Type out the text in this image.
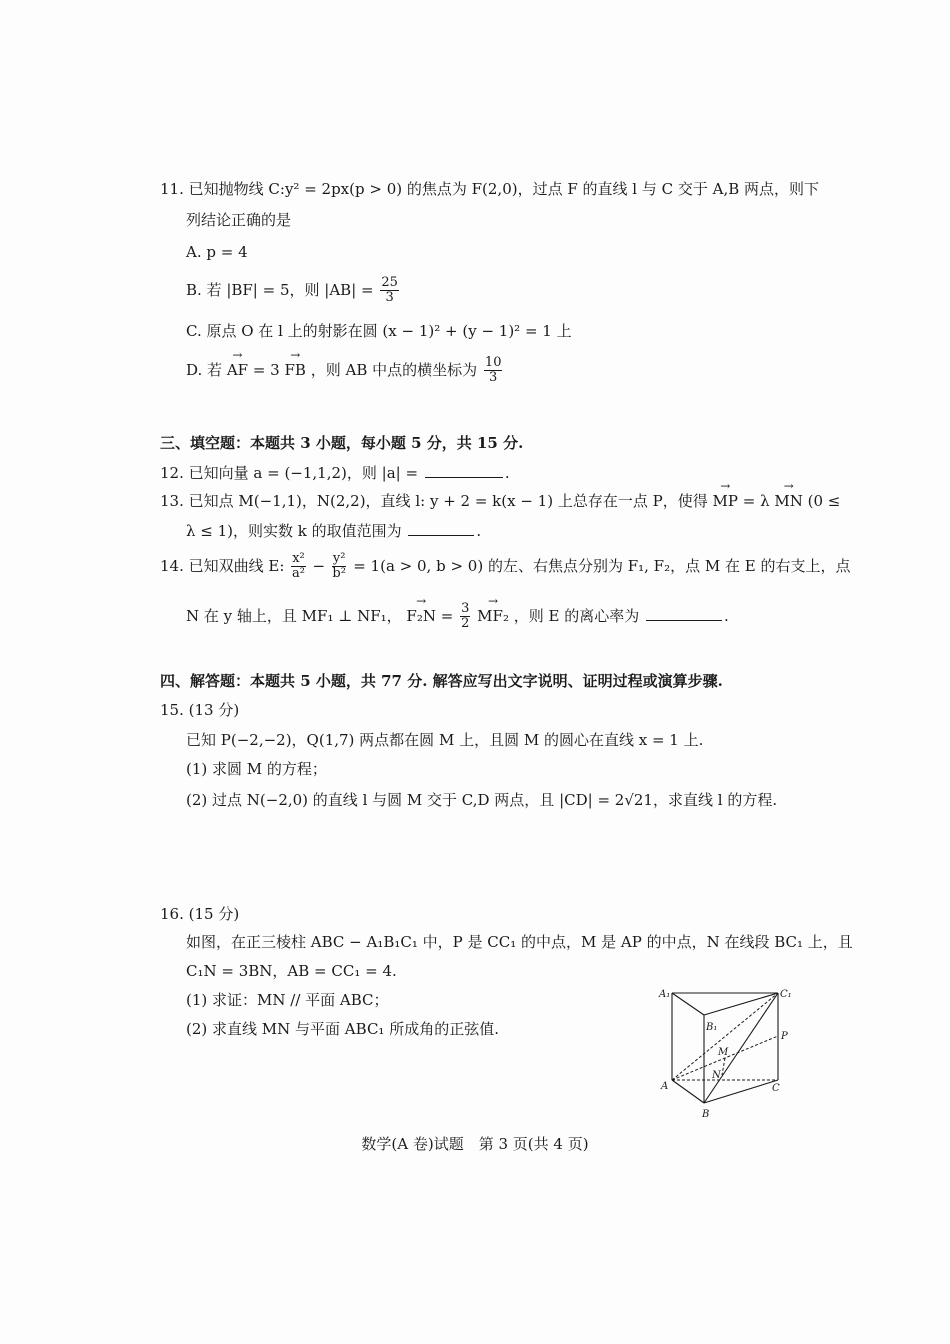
11. 已知抛物线 C:y² = 2px(p > 0) 的焦点为 F(2,0)，过点 F 的直线 l 与 C 交于 A,B 两点，则下
列结论正确的是
A. p = 4
B. 若 |BF| = 5，则 $|AB| = \frac{25}{3}$
C. 原点 O 在 l 上的射影在圆 (x − 1)² + (y − 1)² = 1 上
D. 若 → AF = 3 → FB ，则 AB 中点的横坐标为 $\frac{10}{3}$
三、填空题：本题共 3 小题，每小题 5 分，共 15 分.
12. 已知向量 a = (−1,1,2)，则 |a| =	.
13. 已知点 M(−1,1)，N(2,2)，直线 l: y + 2 = k(x − 1) 上总存在一点 P，使得 → MP = λ → MN (0 ≤
λ ≤ 1)，则实数 k 的取值范围为	.
14. 已知双曲线 E: $\frac{\text{x²}}{\text{a²}} - \frac{\text{y²}}{\text{b²}} = 1(a > 0$, b > 0) 的左、右焦点分别为 F₁, F₂，点 M 在 E 的右支上，点
N 在 y 轴上，且 MF₁ ⊥ NF₁， → $F_2N = \frac{3}{2}$
→ MF₂ ，则 E 的离心率为	.
四、解答题：本题共 5 小题，共 77 分. 解答应写出文字说明、证明过程或演算步骤.
15. (13 分)
已知 P(−2,−2)，Q(1,7) 两点都在圆 M 上，且圆 M 的圆心在直线 x = 1 上.
(1) 求圆 M 的方程；
(2) 过点 N(−2,0) 的直线 l 与圆 M 交于 C,D 两点，且 |CD| = 2√21，求直线 l 的方程.
16. (15 分)
如图，在正三棱柱 ABC − A₁B₁C₁ 中，P 是 CC₁ 的中点，M 是 AP 的中点，N 在线段 BC₁ 上，且
C₁N = 3BN，AB = CC₁ = 4.
(1) 求证：MN // 平面 ABC；
(2) 求直线 MN 与平面 ABC₁ 所成角的正弦值.
A₁	C₁
B₁
P
M
N
A	C
B
数学(A 卷)试题　第 3 页(共 4 页)
